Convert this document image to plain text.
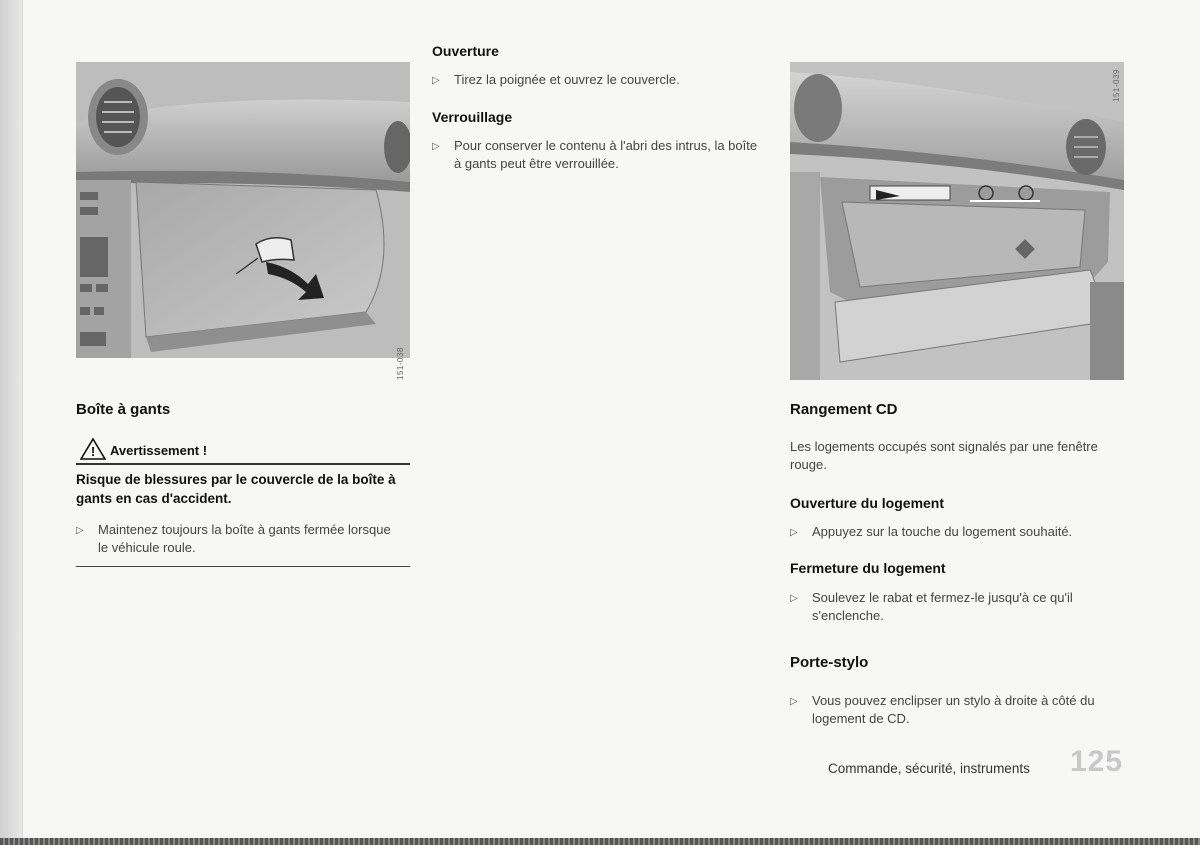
151-038
151-039
Ouverture
▷	Tirez la poignée et ouvrez le couvercle.
Verrouillage
▷	Pour conserver le contenu à l'abri des intrus, la boîte à gants peut être verrouillée.
Boîte à gants
! Avertissement !
Risque de blessures par le couvercle de la boîte à gants en cas d'accident.
▷	Maintenez toujours la boîte à gants fermée lorsque le véhicule roule.
Rangement CD

Les logements occupés sont signalés par une fenêtre rouge.

Ouverture du logement
▷	Appuyez sur la touche du logement souhaité.
Fermeture du logement
▷	Soulevez le rabat et fermez-le jusqu'à ce qu'il s'enclenche.
Porte-stylo
▷	Vous pouvez enclipser un stylo à droite à côté du logement de CD.
Commande, sécurité, instruments 125
